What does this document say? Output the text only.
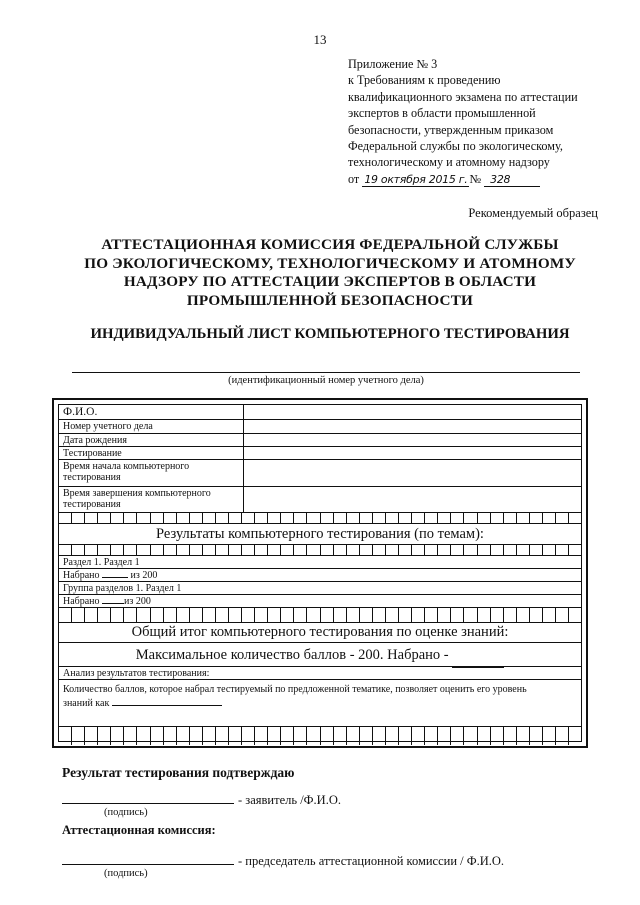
13
Приложение № 3
к Требованиям к проведению
квалификационного экзамена по аттестации
экспертов в области промышленной
безопасности, утвержденным приказом
Федеральной службы по экологическому,
технологическому и атомному надзору
от 19 октября 2015 г. № 328
Рекомендуемый образец
АТТЕСТАЦИОННАЯ КОМИССИЯ ФЕДЕРАЛЬНОЙ СЛУЖБЫ
ПО ЭКОЛОГИЧЕСКОМУ, ТЕХНОЛОГИЧЕСКОМУ И АТОМНОМУ
НАДЗОРУ ПО АТТЕСТАЦИИ ЭКСПЕРТОВ В ОБЛАСТИ
ПРОМЫШЛЕННОЙ БЕЗОПАСНОСТИ
ИНДИВИДУАЛЬНЫЙ ЛИСТ КОМПЬЮТЕРНОГО ТЕСТИРОВАНИЯ
(идентификационный номер учетного дела)
Ф.И.О.
Номер учетного дела
Дата рождения
Тестирование
Время начала компьютерного тестирования
Время завершения компьютерного тестирования
Результаты компьютерного тестирования (по темам):
Раздел 1. Раздел 1
Набрано	из 200
Группа разделов 1. Раздел 1
Набрано из 200
Общий итог компьютерного тестирования по оценке знаний:
Максимальное количество баллов - 200. Набрано -
Анализ результатов тестирования:
Количество баллов, которое набрал тестируемый по предложенной тематике, позволяет оценить его уровень
знаний как
Результат тестирования подтверждаю
- заявитель /Ф.И.О.
(подпись)
Аттестационная комиссия:
- председатель аттестационной комиссии / Ф.И.О.
(подпись)
